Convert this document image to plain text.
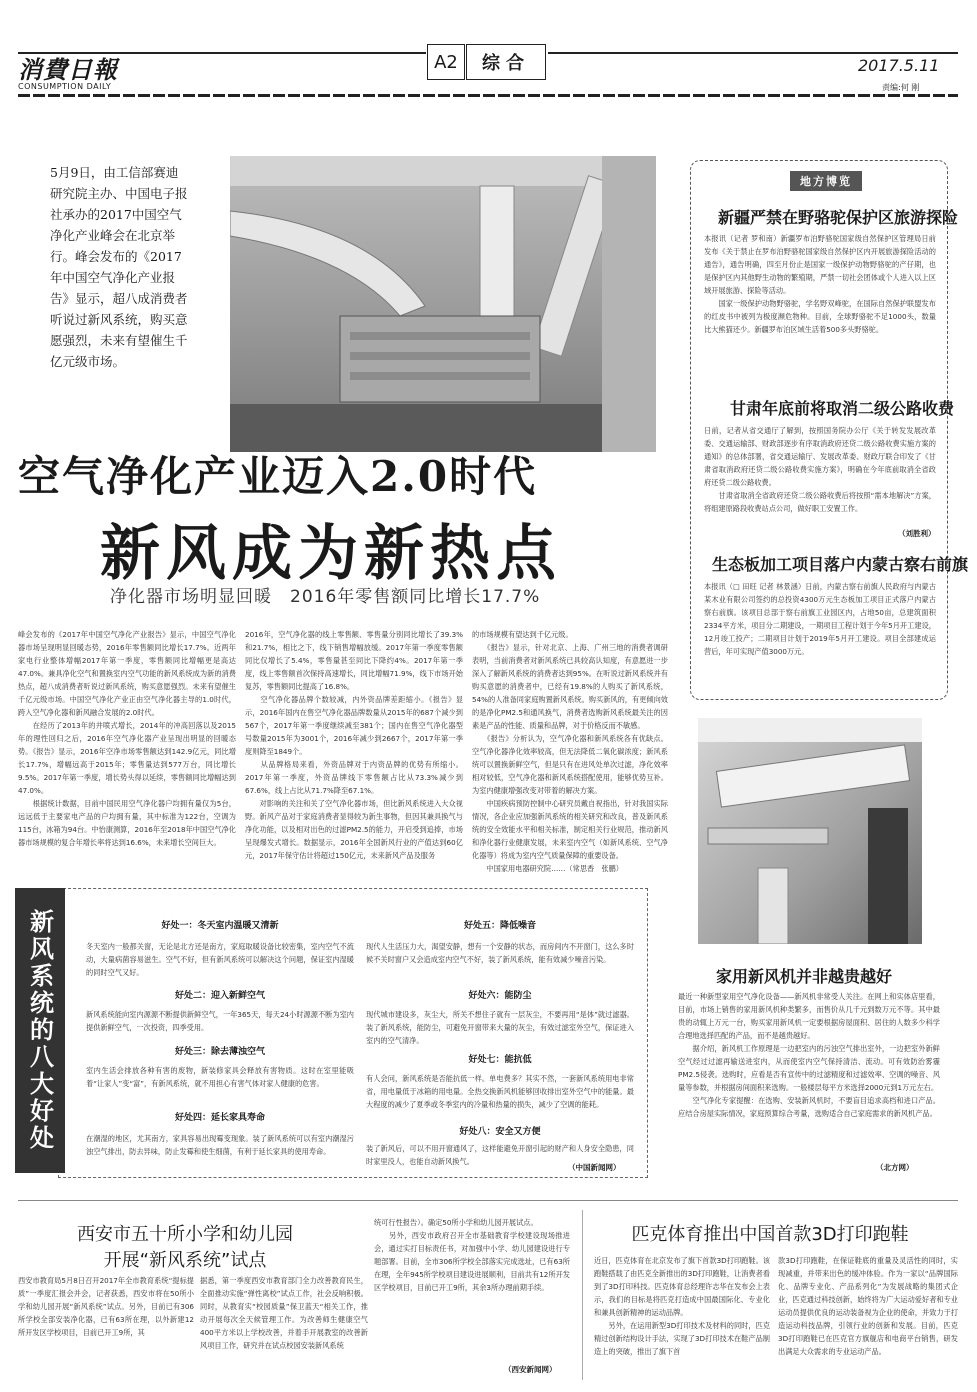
消費日報
CONSUMPTION DAILY
A2	综合	2017.5.11
责编:何 刚
5月9日，由工信部赛迪研究院主办、中国电子报社承办的2017中国空气净化产业峰会在北京举行。峰会发布的《2017年中国空气净化产业报告》显示，超八成消费者听说过新风系统，购买意愿强烈，未来有望催生千亿元级市场。
空气净化产业迈入2.0时代
新风成为新热点
净化器市场明显回暖　2016年零售额同比增长17.7%
峰会发布的《2017年中国空气净化产业报告》显示，中国空气净化器市场呈现明显回暖态势，2016年零售额同比增长17.7%。近两年家电行业整体增幅2017年第一季度，零售额同比增幅更是高达47.0%。兼具净化空气和置换室内空气功能的新风系统成为新的消费热点，超八成消费者听说过新风系统，购买意愿强烈。未来有望催生千亿元级市场。中国空气净化产业正由空气净化器主导的1.0时代，跨入空气净化器和新风融合发展的2.0时代。
　　在经历了2013年的井喷式增长，2014年的冲高回落以及2015年的理性回归之后，2016年空气净化器产业呈现出明显的回暖态势。《报告》显示，2016年空净市场零售额达到142.9亿元，同比增长17.7%，增幅远高于2015年；零售量达到577万台，同比增长9.5%。2017年第一季度，增长势头得以延续，零售额同比增幅达到47.0%。
　　根据统计数据，目前中国民用空气净化器户均拥有量仅为5台，远远低于主要家电产品的户均拥有量，其中标准为122台，空调为115台，冰箱为94台。中怡康测算，2016年至2018年中国空气净化器市场规模的复合年增长率将达到16.6%，未来增长空间巨大。
2016年，空气净化器的线上零售额、零售量分别同比增长了39.3%和21.7%，相比之下，线下销售增幅放缓。2017年第一季度零售额同比仅增长了5.4%，零售量甚至同比下降约4%。2017年第一季度，线上零售额首次保持高速增长，同比增幅71.9%，线下市场开始复苏，零售额同比提高了16.8%。
　　空气净化器品牌个数较减，内外资品牌差距缩小。《报告》显示，2016年国内在售空气净化器品牌数量从2015年的687个减少到567个，2017年第一季度继续减至381个；国内在售空气净化器型号数量2015年为3001个，2016年减少到2667个，2017年第一季度则降至1849个。
　　从品牌格局来看，外资品牌对于内资品牌的优势有所缩小。2017年第一季度，外资品牌线下零售额占比从73.3%减少到67.6%，线上占比从71.7%降至67.1%。
　　对影响的关注和关了空气净化器市场，但比新风系统进入大众视野。新风产品对于家庭消费者显得较为新生事物，但因其兼具换气与净化功能，以及相对出色的过滤PM2.5的能力，开启受到追捧，市场呈现爆发式增长。数据显示，2016年全国新风行业的产值达到60亿元，2017年保守估计将超过150亿元，未来新风产品及服务
的市场规模有望达到千亿元级。
　　《报告》显示，针对北京、上海、广州三地的消费者调研表明，当前消费者对新风系统已具较高认知度，有意愿进一步深入了解新风系统的消费者达到95%。在听说过新风系统并有购买意愿的消费者中，已经有19.8%的人购买了新风系统，54%的人准备同家庭购置新风系统。购买新风的，有更倾向效的是净化PM2.5和通风换气，消费者选购新风系统最关注的因素是产品的性能、质量和品牌，对于价格反而不敏感。
　　《报告》分析认为，空气净化器和新风系统各有优缺点。空气净化器净化效率较高，但无法降低二氧化碳浓度；新风系统可以置换新鲜空气，但是只有在进风处单次过滤，净化效率相对较低，空气净化器和新风系统搭配使用，能够优势互补。为室内健康增强改变对带着的解决方案。
　　中国疾病预防控制中心研究员戴自祝指出，针对我国实际情况，各企业应加强新风系统的相关研究和改良，普及新风系统的安全效能水平和相关标准，制定相关行业规范，推动新风和净化器行业健康发展，未来室内空气（如新风系统、空气净化器等）将成为室内空气质量保障的重要设备。
　　中国家用电器研究院……（常思香　张鹏）
地方博览
新疆严禁在野骆驼保护区旅游探险
本报讯（记者 罗和南）新疆罗布泊野骆驼国家级自然保护区管理局日前发布《关于禁止在罗布泊野骆驼国家级自然保护区内开展旅游探险活动的通告》，通告明确，四至月份止是国家一级保护动物野骆驼的产仔期，也是保护区内其他野生动物的繁殖期，严禁一切社会团体或个人进入以上区域开展旅游、探险等活动。
　　国家一级保护动物野骆驼，学名野双峰驼，在国际自然保护联盟发布的红皮书中被列为极度濒危物种。目前，全球野骆驼不足1000头，数量比大熊猫还少。新疆罗布泊区域生活着500多头野骆驼。
甘肃年底前将取消二级公路收费
日前，记者从省交通厅了解到，按照国务院办公厅《关于转发发展改革委、交通运输部、财政部逐步有序取消政府还贷二级公路收费实施方案的通知》的总体部署，省交通运输厅、发展改革委、财政厅联合印发了《甘肃省取消政府还贷二级公路收费实施方案》，明确在今年底前取消全省政府还贷二级公路收费。
　　甘肃省取消全省政府还贷二级公路收费后将按照“需本地解决”方案，将组建原路段收费站点公司，做好职工安置工作。
（刘胜利）
生态板加工项目落户内蒙古察右前旗
本报讯（□ 田旺 记者 林景涵）日前，内蒙古察右前旗人民政府与内蒙古某木业有限公司签约的总投资4300万元生态板加工项目正式落户内蒙古察右前旗。该项目总部于察右前旗工业园区内，占地50亩，总建筑面积2334平方米，项目分二期建设，一期项目工程计划于今年5月开工建设，12月竣工投产；二期项目计划于2019年5月开工建设。项目全部建成运营后，年可实现产值3000万元。
家用新风机并非越贵越好
最近一种新型家用空气净化设备——新风机非常受人关注。在网上和实体店里看，目前，市场上销售的家用新风机种类繁多，而售价从几千元到数万元不等。其中最贵的动辄上万元一台，购买家用新风机一定要根据房屋面积、居住的人数多少科学合理地选择匹配的产品，而不是越贵越好。
　　据介绍，新风机工作原理是一边把室内的污浊空气排出室外，一边把室外新鲜空气经过过滤再输送进室内，从而使室内空气保持清洁、流动。可有效防治雾霾PM2.5侵袭。选购时，应看是否有宣传中的过滤精度和过滤效率、空调的噪音、风量等参数，并根据房间面积来选购。一般楼层每平方米选择2000元到1万元左右。
　　空气净化专家提醒：在选购、安装新风机时，不要盲目追求高档和进口产品。应结合房屋实际情况，家庭预算综合考量，选购适合自己家庭需求的新风机产品。
（北方网）
新风系统的八大好处	好处一：冬天室内温暖又清新
冬天室内一般都关窗，无论是北方还是南方，家庭取暖设备比较密集，室内空气不流动，大量病菌容易滋生。空气不好，但有新风系统可以解决这个问题，保证室内湿暖的同时空气又好。
好处二：迎入新鲜空气
新风系统能向室内源源不断提供新鲜空气，一年365天，每天24小时源源不断为室内提供新鲜空气，一次投资，四季受用。
好处三：除去薄浊空气
室内生活会排放各种有害的废物，新装修家具会释放有害物质。这时在室里能吸着“让家人”变“富”，有新风系统，就不用担心有害气体对家人健康的危害。
好处四：延长家具寿命
在潮湿的地区，尤其南方，家具容易出现霉变现象。装了新风系统可以有室内潮湿污浊空气排出，防去异味，防止发霉和使生细菌，有利于延长家具的使用寿命。
好处五：降低噪音
现代人生活压力大，渴望安静，想有一个安静的状态，而房间内不开窗门，这么多时候不关时窗户又会造成室内空气不好，装了新风系统，能有效减少噪音污染。
好处六：能防尘
现代城市建设多，灰尘大，所关不想住子就有一层灰尘，不要再用“是体”就过滤器。装了新风系统，能防尘，可避免开窗带来大量的灰尘，有效过滤室外空气，保证进入室内的空气清净。
好处七：能抗低
有人会问，新风系统是否能抗低一样。单电费多？其实不然，一套新风系统用电非常省，用电量低于冰箱的用电量。全热交换新风机能够回收排出室外空气中的能量。最大程度的减少了夏季或冬季室内的冷量和热量的损失，减少了空调的能耗。
好处八：安全又方便
装了新风后，可以不用开窗通风了，这样能避免开窗引起的财产和人身安全隐患，同时家里没人，也能自动新风换气。
（中国新闻网）
西安市五十所小学和幼儿园
开展“新风系统”试点
西安市教育局5月8日召开2017年全市教育系统“提标提质”一季度汇报会并会，记者获悉，西安市将在50所小学和幼儿园开展“新风系统”试点。另外，目前已有306所学校全部安装净化器，已有63所在理，以外新建12所开发区学校项目，目前已开工9所，其
据悉，第一季度西安市教育部门全力改善教育民生，全面推动实施“弹性离校”试点工作，社会反响积极。同时，从教育实“校园质量”保卫蓝天“相关工作，推动开展每次全天候管理工作。为改善师生健康空气400平方米以上学校改善，并着手开展教室的改善新风项目工作，研究并在试点校园安装新风系统
统可行性报告）。确定50所小学和幼儿园开展试点。
　　另外，西安市政府召开全市基础教育学校建设现场推进会，通过实打目标责任书，对加强中小学、幼儿园建设进行专题部署。目前，全市306所学校全部落实完成选址，已有63所在理，全年945所学校项目建设进展顺利，目前共有12所开发区学校项目，目前已开工9所，其余3所办理前期手续。
（西安新闻网）
匹克体育推出中国首款3D打印跑鞋
近日，匹克体育在北京发布了旗下首款3D打印跑鞋。该跑鞋搭载了由匹克全新推出的3D打印跑鞋，让消费者看到了3D打印科技。匹克体育总经理许志华在发布会上表示，我们的目标是将匹克打造成中国最国际化、专业化和兼具创新精神的运动品牌。
　　另外，在运用新型3D打印技术及材料的同时，匹克精过创新结构设计手法，实现了3D打印技术在鞋产品制造上的突破，推出了旗下首
款3D打印跑鞋，在保证鞋底的重量及灵活性的同时，实现减重，并带来出色的缓冲体验。作为一家以“品牌国际化、品牌专业化、产品系列化”为发展战略的集团式企业，匹克通过科技创新，始终将为广大运动爱好者和专业运动员提供优良的运动装备视为企业的使命，并致力于打造运动科技品牌，引领行业的创新和发展。目前，匹克3D打印跑鞋已在匹克官方旗舰店和电商平台销售，研发出满足大众需求的专业运动产品。
